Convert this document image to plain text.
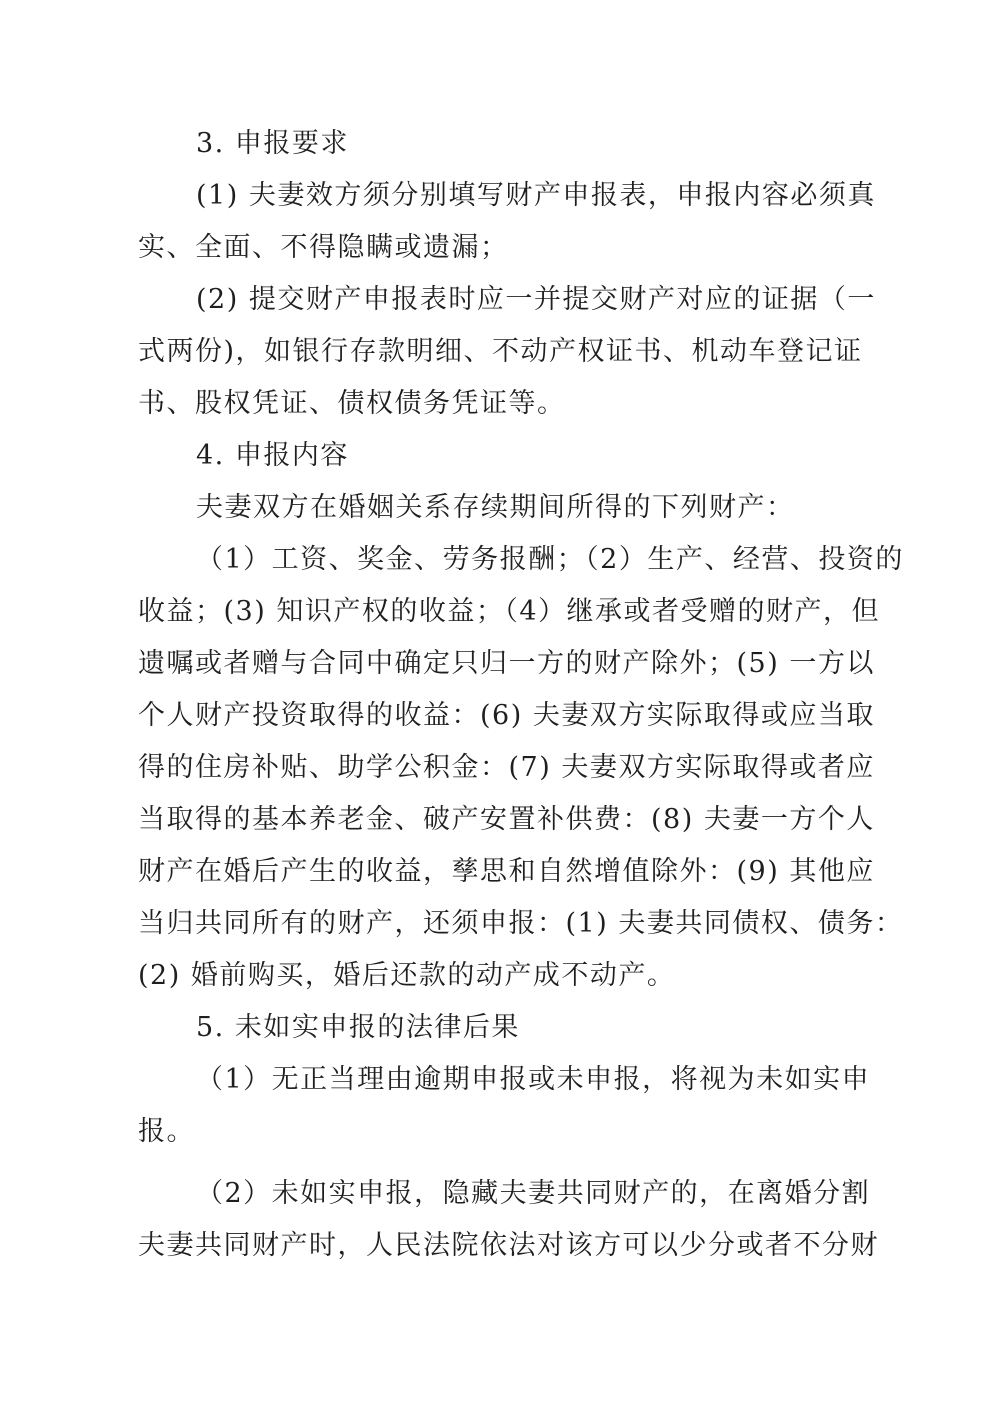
3. 申报要求
(1) 夫妻效方须分别填写财产申报表，申报内容必须真
实、全面、不得隐瞒或遗漏；
(2) 提交财产申报表时应一并提交财产对应的证据（一
式两份)，如银行存款明细、不动产权证书、机动车登记证
书、股权凭证、债权债务凭证等。
4. 申报内容
夫妻双方在婚姻关系存续期间所得的下列财产：
（1）工资、奖金、劳务报酬；（2）生产、经营、投资的
收益；(3) 知识产权的收益；（4）继承或者受赠的财产，但
遗嘱或者赠与合同中确定只归一方的财产除外；(5) 一方以
个人财产投资取得的收益：(6) 夫妻双方实际取得或应当取
得的住房补贴、助学公积金：(7) 夫妻双方实际取得或者应
当取得的基本养老金、破产安置补供费：(8) 夫妻一方个人
财产在婚后产生的收益，孳思和自然增值除外：(9) 其他应
当归共同所有的财产，还须申报：(1) 夫妻共同债权、债务：
(2) 婚前购买，婚后还款的动产成不动产。
5. 未如实申报的法律后果
（1）无正当理由逾期申报或未申报，将视为未如实申
报。
（2）未如实申报，隐藏夫妻共同财产的，在离婚分割
夫妻共同财产时，人民法院依法对该方可以少分或者不分财
